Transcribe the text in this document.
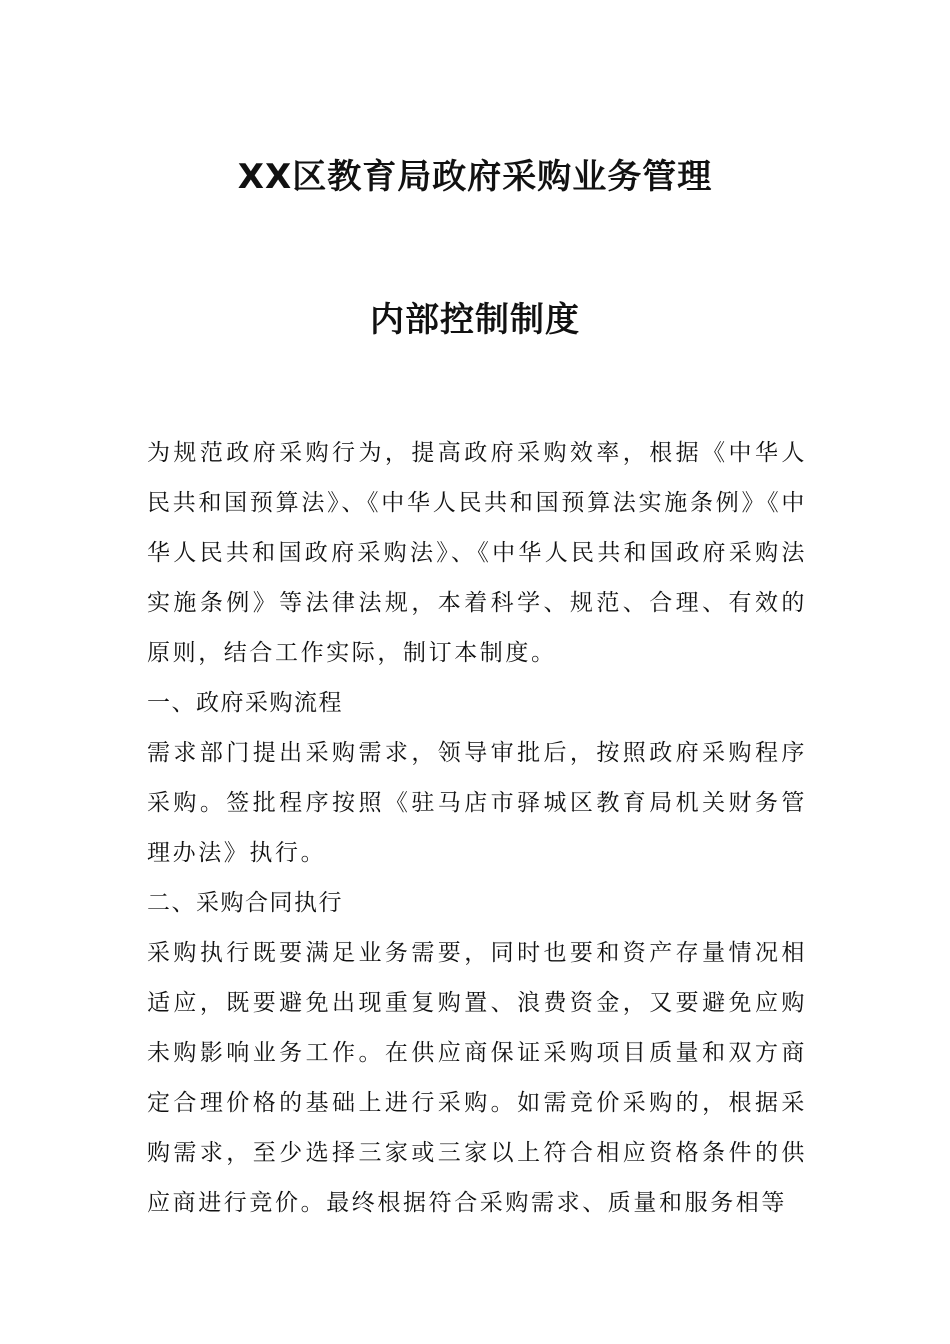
XX区教育局政府采购业务管理
内部控制制度

为规范政府采购行为，提高政府采购效率，根据《中华人民共和国预算法》、《中华人民共和国预算法实施条例》《中华人民共和国政府采购法》、《中华人民共和国政府采购法实施条例》等法律法规，本着科学、规范、合理、有效的原则，结合工作实际，制订本制度。

一、政府采购流程

需求部门提出采购需求，领导审批后，按照政府采购程序采购。签批程序按照《驻马店市驿城区教育局机关财务管理办法》执行。

二、采购合同执行

采购执行既要满足业务需要，同时也要和资产存量情况相适应，既要避免出现重复购置、浪费资金，又要避免应购未购影响业务工作。在供应商保证采购项目质量和双方商定合理价格的基础上进行采购。如需竞价采购的，根据采购需求，至少选择三家或三家以上符合相应资格条件的供应商进行竞价。最终根据符合采购需求、质量和服务相等
